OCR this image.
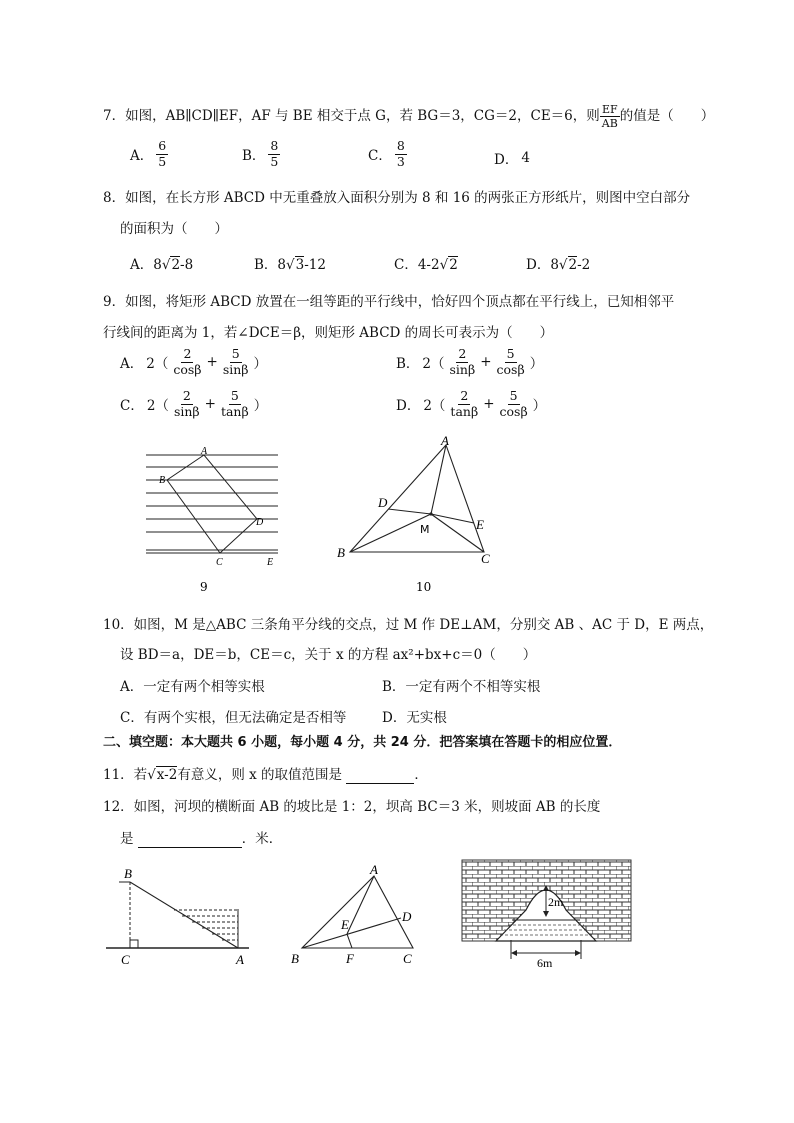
7．如图，AB∥CD∥EF，AF 与 BE 相交于点 G，若 BG＝3，CG＝2，CE＝6，则 $\frac{EF}{AB}$ 的值是（　　）
A． $\frac{6}{5}$	B． $\frac{8}{5}$	C． $\frac{8}{3}$	D． 4
8．如图，在长方形 ABCD 中无重叠放入面积分别为 8 和 16 的两张正方形纸片，则图中空白部分
的面积为（　　）
A．8√2-8	B．8√3-12	C．4-2√2	D．8√2-2
9．如图，将矩形 ABCD 放置在一组等距的平行线中，恰好四个顶点都在平行线上，已知相邻平
行线间的距离为 1，若∠DCE＝β，则矩形 ABCD 的周长可表示为（　　）
A． $2( \frac{2}{\cos\beta} + \frac{5}{\sin\beta}$ ）	B． $2( \frac{2}{\sin\beta} + \frac{5}{\cos\beta}$ ）
C． $2( \frac{2}{\sin\beta} + \frac{5}{\tan\beta}$ ）	D． $2( \frac{2}{\tan\beta} + \frac{5}{\cos\beta}$ ）
A
B
C
D
E
9
A
B	C
D
E
M
10
10．如图，M 是△ABC 三条角平分线的交点，过 M 作 DE⊥AM，分别交 AB 、AC 于 D，E 两点，
设 BD＝a，DE＝b，CE＝c，关于 x 的方程 ax²+bx+c＝0（　　）
A．一定有两个相等实根	B．一定有两个不相等实根
C．有两个实根，但无法确定是否相等	D．无实根
二、填空题：本大题共 6 小题，每小题 4 分，共 24 分．把答案填在答题卡的相应位置．
11．若√x-2有意义，则 x 的取值范围是	．
12．如图，河坝的横断面 AB 的坡比是 1：2，坝高 BC＝3 米，则坡面 AB 的长度
是	．米．
B
C	A
A
B	C
D
E
F
2m
6m
